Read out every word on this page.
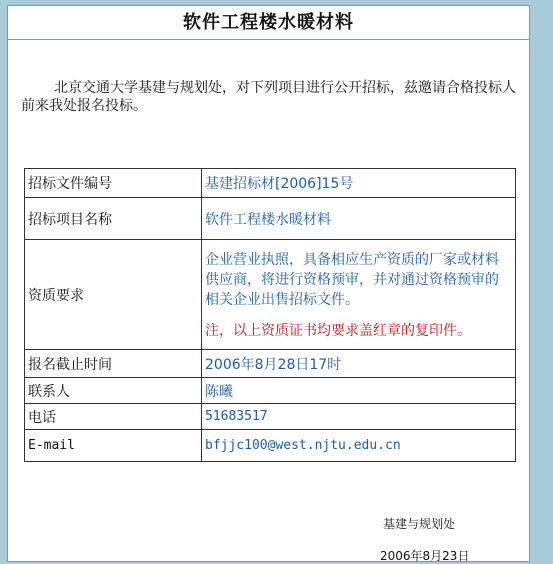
软件工程楼水暖材料
北京交通大学基建与规划处，对下列项目进行公开招标，兹邀请合格投标人前来我处报名投标。
招标文件编号	基建招标材[2006]15号
招标项目名称	软件工程楼水暖材料
资质要求	企业营业执照，具备相应生产资质的厂家或材料供应商，将进行资格预审，并对通过资格预审的相关企业出售招标文件。
注，以上资质证书均要求盖红章的复印件。

报名截止时间	2006年8月28日17时
联系人	陈曦
电话	51683517
E-mail	bfjjc100@west.njtu.edu.cn
基建与规划处
2006年8月23日
